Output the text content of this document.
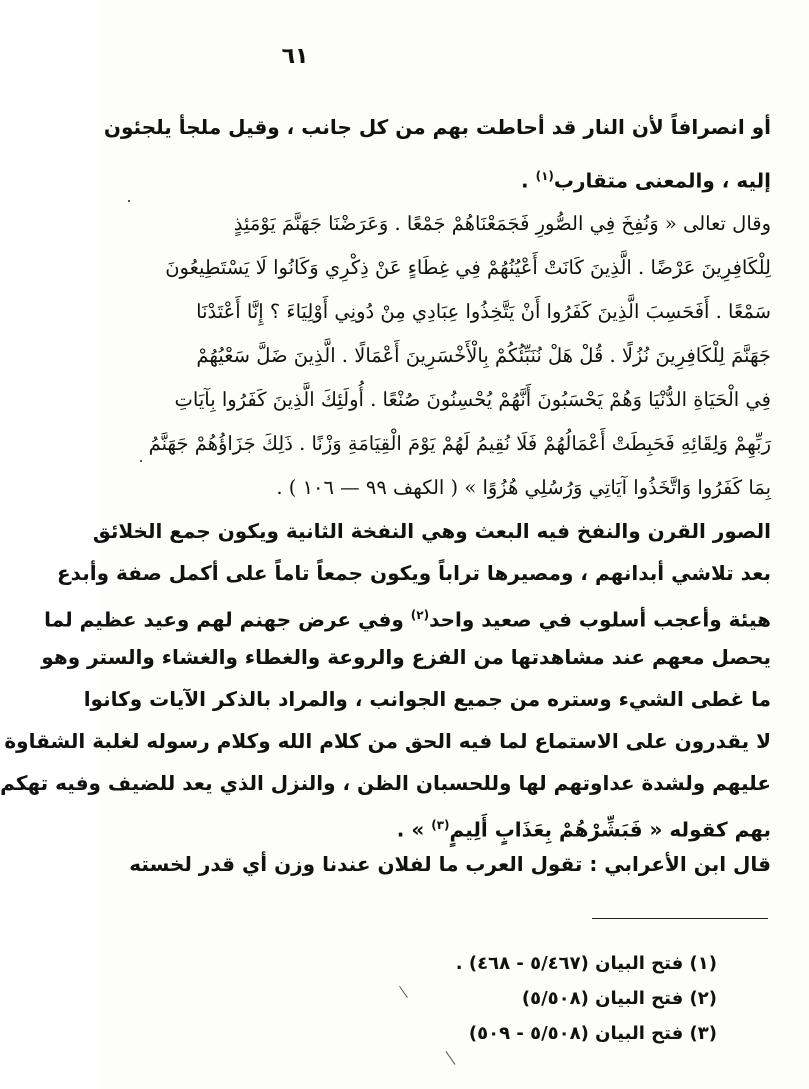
٦١
أو انصرافاً لأن النار قد أحاطت بهم من كل جانب ، وقيل ملجأ يلجئون
إليه ، والمعنى متقارب$^{(١)}$ .
وقال تعالى « وَنُفِخَ فِي الصُّورِ فَجَمَعْنَاهُمْ جَمْعًا . وَعَرَضْنَا جَهَنَّمَ يَوْمَئِذٍ
لِلْكَافِرِينَ عَرْضًا . الَّذِينَ كَانَتْ أَعْيُنُهُمْ فِي غِطَاءٍ عَنْ ذِكْرِي وَكَانُوا لَا يَسْتَطِيعُونَ
سَمْعًا . أَفَحَسِبَ الَّذِينَ كَفَرُوا أَنْ يَتَّخِذُوا عِبَادِي مِنْ دُونِي أَوْلِيَاءَ ؟ إِنَّا أَعْتَدْنَا
جَهَنَّمَ لِلْكَافِرِينَ نُزُلًا . قُلْ هَلْ نُنَبِّئُكُمْ بِالْأَخْسَرِينَ أَعْمَالًا . الَّذِينَ ضَلَّ سَعْيُهُمْ
فِي الْحَيَاةِ الدُّنْيَا وَهُمْ يَحْسَبُونَ أَنَّهُمْ يُحْسِنُونَ صُنْعًا . أُولَئِكَ الَّذِينَ كَفَرُوا بِآيَاتِ
رَبِّهِمْ وَلِقَائِهِ فَحَبِطَتْ أَعْمَالُهُمْ فَلَا نُقِيمُ لَهُمْ يَوْمَ الْقِيَامَةِ وَزْنًا . ذَلِكَ جَزَاؤُهُمْ جَهَنَّمُ
بِمَا كَفَرُوا وَاتَّخَذُوا آيَاتِي وَرُسُلِي هُزُوًا » ( الكهف ٩٩ — ١٠٦ ) .
الصور القرن والنفخ فيه البعث وهي النفخة الثانية ويكون جمع الخلائق
بعد تلاشي أبدانهم ، ومصيرها تراباً ويكون جمعاً تاماً على أكمل صفة وأبدع
هيئة وأعجب أسلوب في صعيد واحد$^{(٢)}$ وفي عرض جهنم لهم وعيد عظيم لما
يحصل معهم عند مشاهدتها من الفزع والروعة والغطاء والغشاء والستر وهو
ما غطى الشيء وستره من جميع الجوانب ، والمراد بالذكر الآيات وكانوا
لا يقدرون على الاستماع لما فيه الحق من كلام الله وكلام رسوله لغلبة الشقاوة
عليهم ولشدة عداوتهم لها وللحسبان الظن ، والنزل الذي يعد للضيف وفيه تهكم
بهم كقوله « فَبَشِّرْهُمْ بِعَذَابٍ أَلِيمٍ$^{(٣)}$ » .
قال ابن الأعرابي : تقول العرب ما لفلان عندنا وزن أي قدر لخسته
(١) فتح البيان (٥/٤٦٧ - ٤٦٨) .
(٢) فتح البيان (٥/٥٠٨)
(٣) فتح البيان (٥/٥٠٨ - ٥٠٩)
